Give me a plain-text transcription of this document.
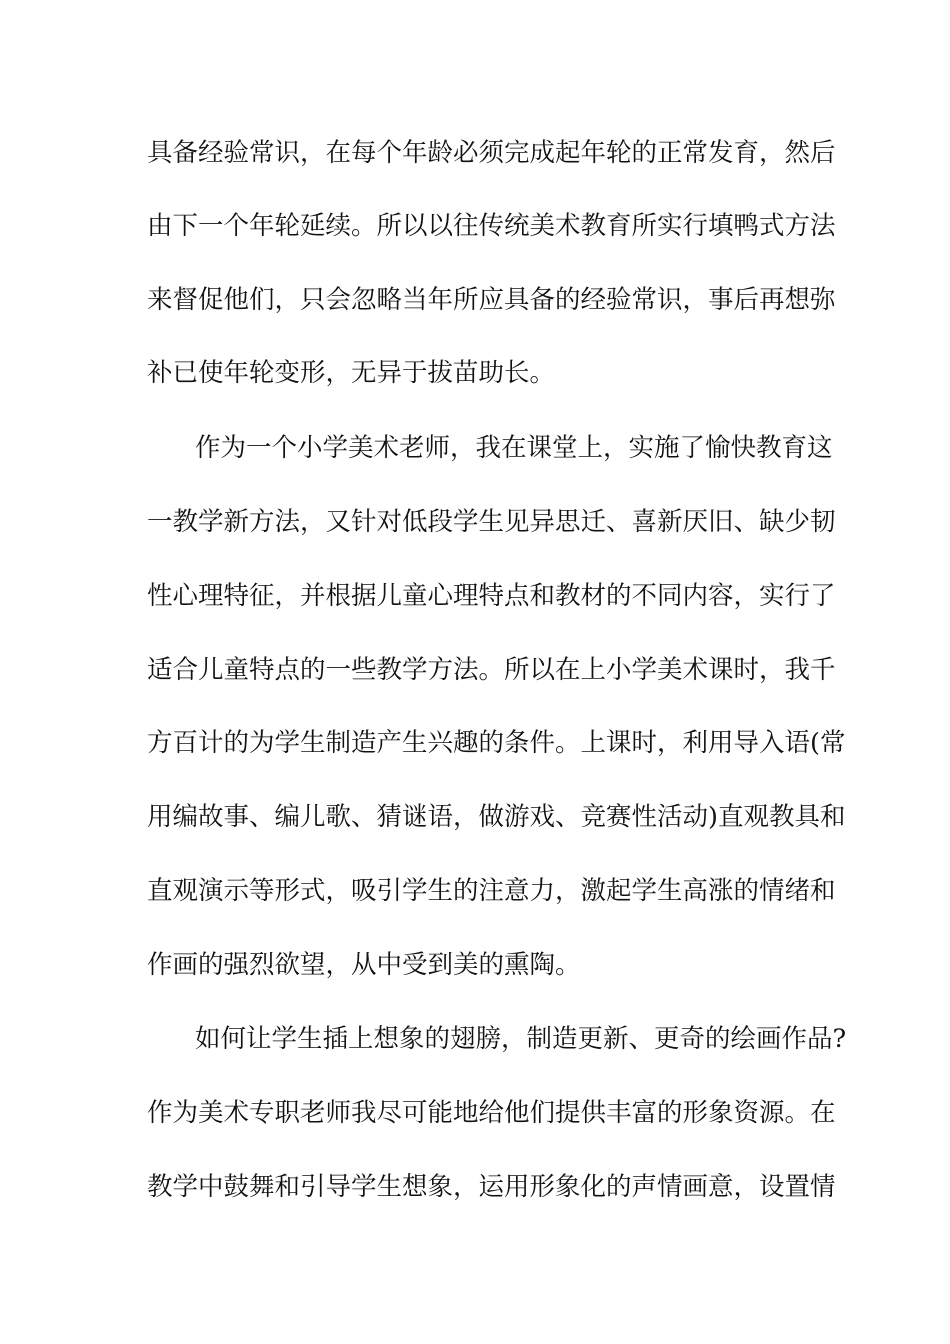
具备经验常识，在每个年龄必须完成起年轮的正常发育，然后
由下一个年轮延续。所以以往传统美术教育所实行填鸭式方法
来督促他们，只会忽略当年所应具备的经验常识，事后再想弥
补已使年轮变形，无异于拔苗助长。
作为一个小学美术老师，我在课堂上，实施了愉快教育这
一教学新方法，又针对低段学生见异思迁、喜新厌旧、缺少韧
性心理特征，并根据儿童心理特点和教材的不同内容，实行了
适合儿童特点的一些教学方法。所以在上小学美术课时，我千
方百计的为学生制造产生兴趣的条件。上课时，利用导入语(常
用编故事、编儿歌、猜谜语，做游戏、竞赛性活动)直观教具和
直观演示等形式，吸引学生的注意力，激起学生高涨的情绪和
作画的强烈欲望，从中受到美的熏陶。
如何让学生插上想象的翅膀，制造更新、更奇的绘画作品?
作为美术专职老师我尽可能地给他们提供丰富的形象资源。在
教学中鼓舞和引导学生想象，运用形象化的声情画意，设置情
